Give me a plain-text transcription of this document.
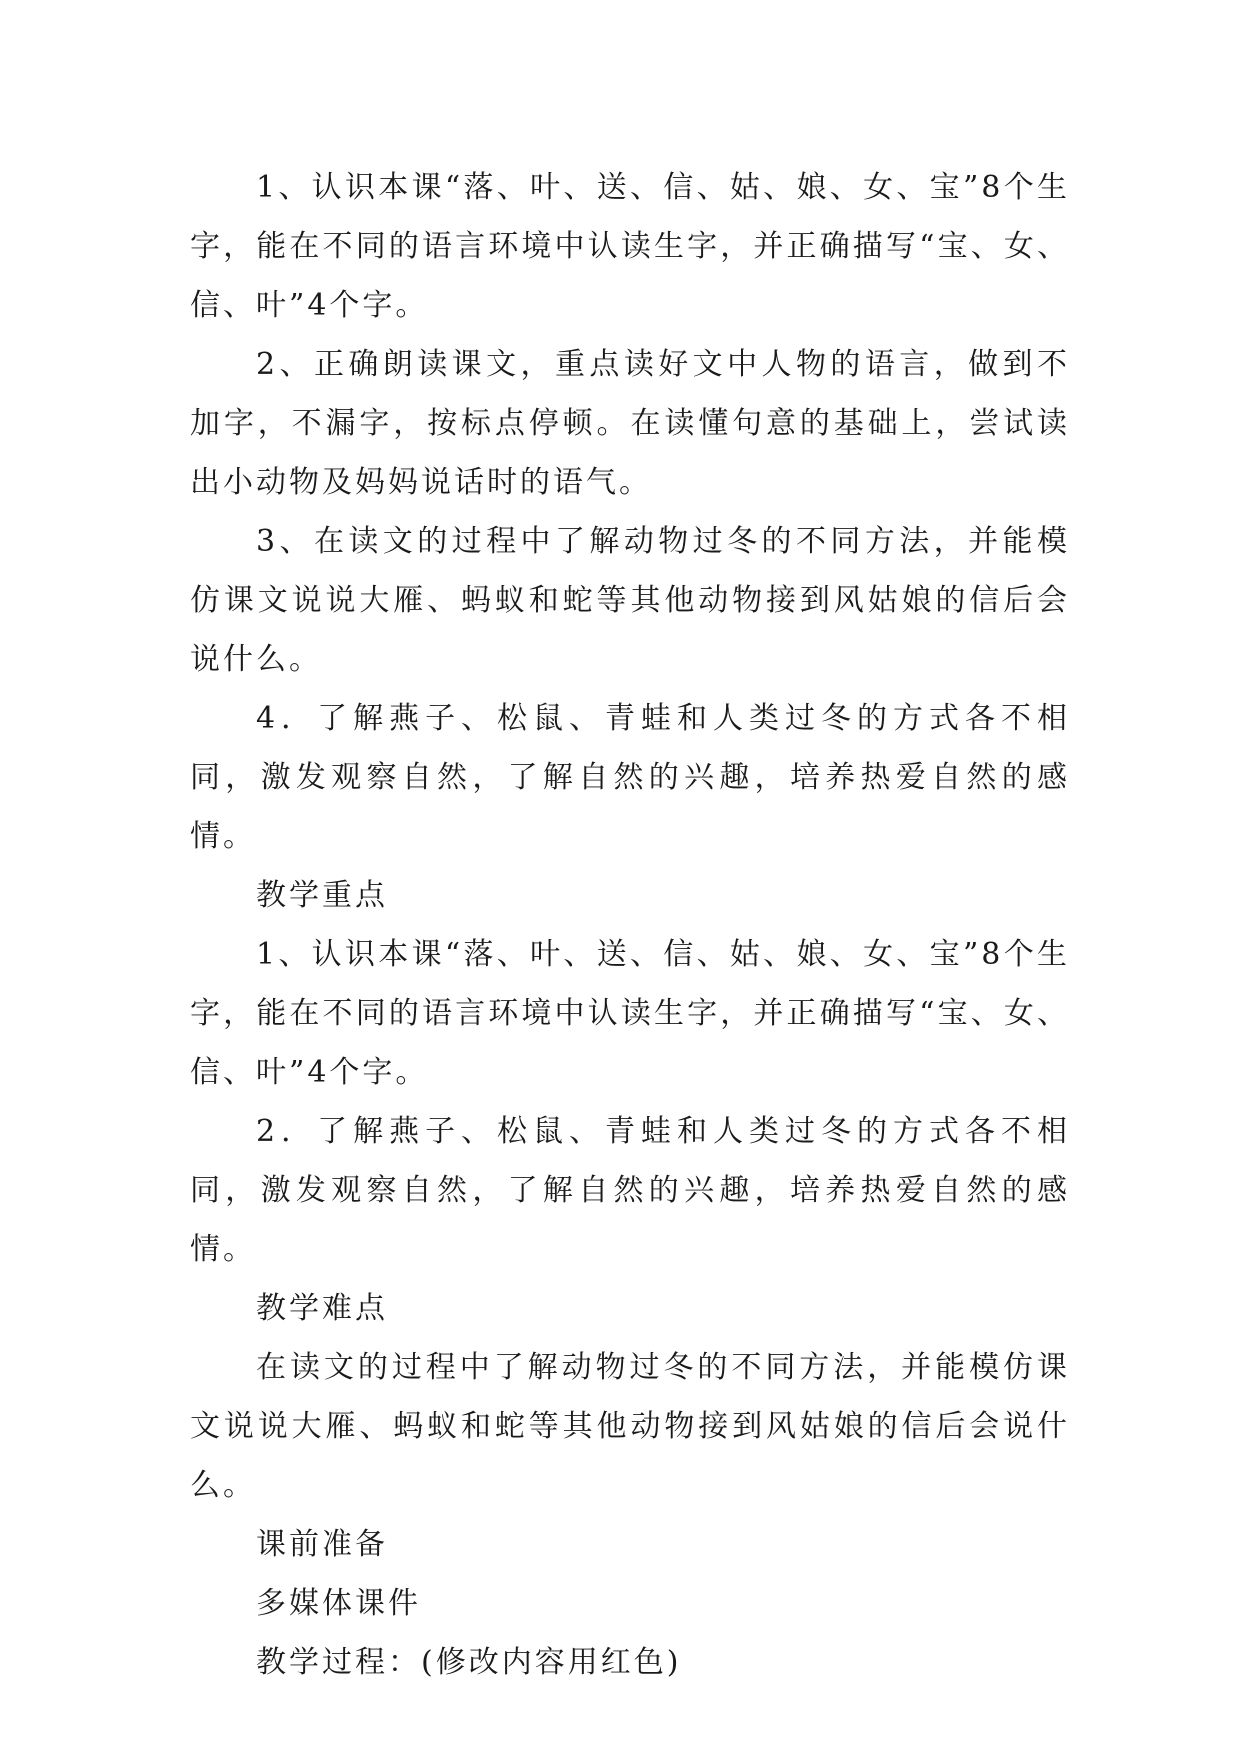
1、认识本课“落、叶、送、信、姑、娘、女、宝”8个生字，能在不同的语言环境中认读生字，并正确描写“宝、女、信、叶”4个字。

2、正确朗读课文，重点读好文中人物的语言，做到不加字，不漏字，按标点停顿。在读懂句意的基础上，尝试读出小动物及妈妈说话时的语气。

3、在读文的过程中了解动物过冬的不同方法，并能模仿课文说说大雁、蚂蚁和蛇等其他动物接到风姑娘的信后会说什么。

4．了解燕子、松鼠、青蛙和人类过冬的方式各不相同，激发观察自然，了解自然的兴趣，培养热爱自然的感情。

教学重点

1、认识本课“落、叶、送、信、姑、娘、女、宝”8个生字，能在不同的语言环境中认读生字，并正确描写“宝、女、信、叶”4个字。

2．了解燕子、松鼠、青蛙和人类过冬的方式各不相同，激发观察自然，了解自然的兴趣，培养热爱自然的感情。

教学难点

在读文的过程中了解动物过冬的不同方法，并能模仿课文说说大雁、蚂蚁和蛇等其他动物接到风姑娘的信后会说什么。

课前准备

多媒体课件

教学过程：(修改内容用红色)
